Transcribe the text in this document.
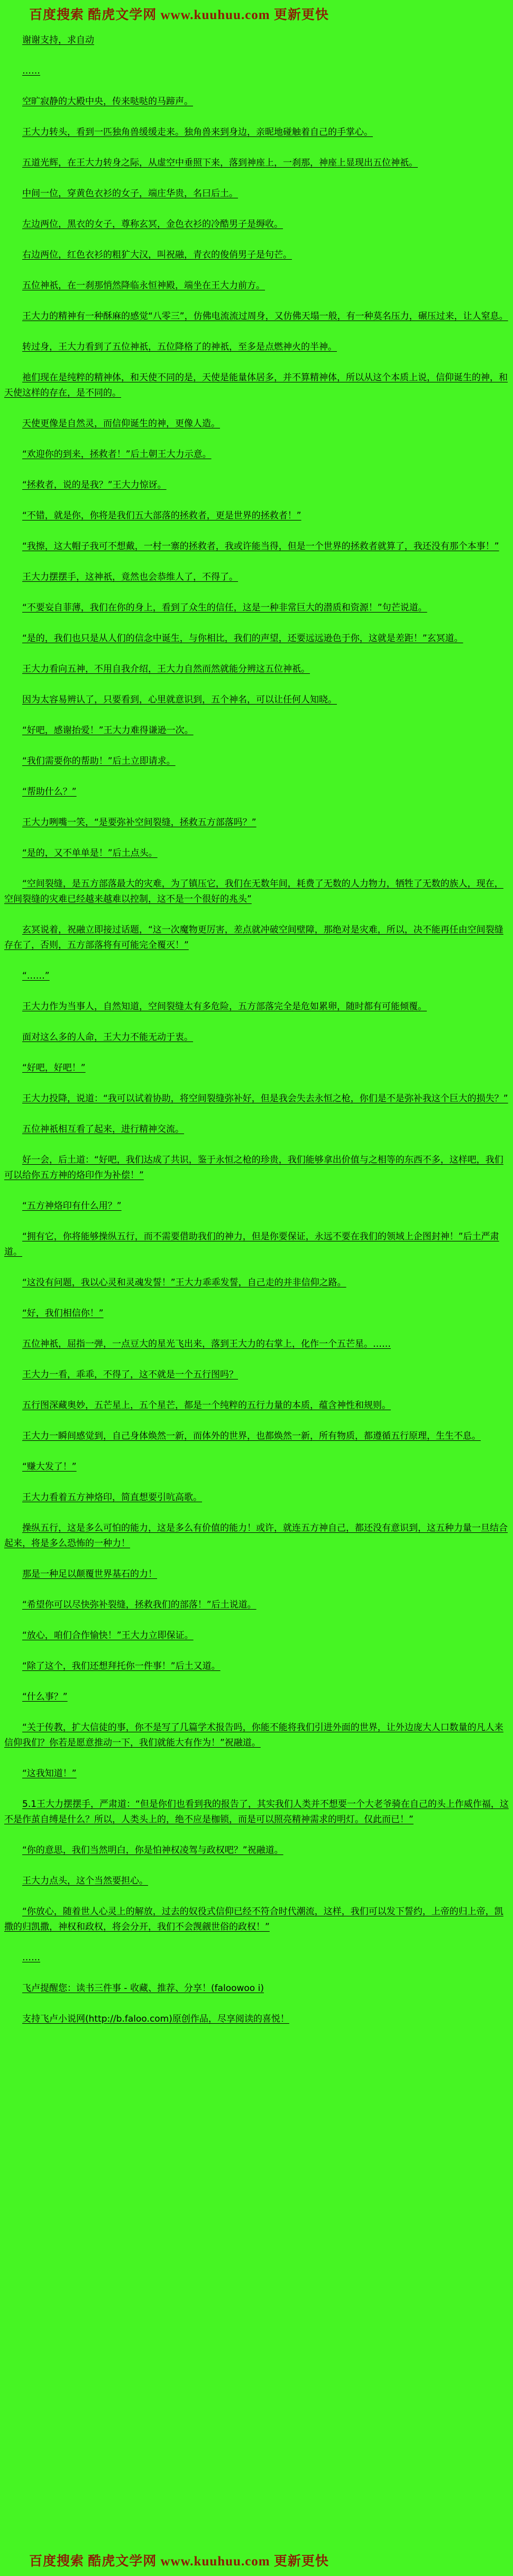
百度搜索 酷虎文学网 www.kuuhuu.com 更新更快

谢谢支持，求自动

……

空旷寂静的大殿中央，传来哒哒的马蹄声。

王大力转头，看到一匹独角兽缓缓走来。独角兽来到身边，亲昵地碰触着自己的手掌心。

五道光辉，在王大力转身之际，从虚空中垂照下来，落到神座上，一刹那，神座上显现出五位神祇。

中间一位，穿黄色衣衫的女子，端庄华贵，名曰后土。

左边两位，黑衣的女子，尊称玄冥，金色衣衫的冷酷男子是缛收。

右边两位，红色衣衫的粗犷大汉，叫祝融，青衣的俊俏男子是句芒。

五位神祇，在一刹那悄然降临永恒神殿，端坐在王大力前方。

王大力的精神有一种酥麻的感觉“八零三”，仿佛电流流过周身，又仿佛天塌一般，有一种莫名压力，碾压过来，让人窒息。

转过身，王大力看到了五位神祇，五位降格了的神祇，至多是点燃神火的半神。

祂们现在是纯粹的精神体，和天使不同的是，天使是能量体居多，并不算精神体，所以从这个本质上说，信仰诞生的神，和天使这样的存在，是不同的。

天使更像是自然灵，而信仰诞生的神，更像人造。

“欢迎你的到来，拯救者！”后土朝王大力示意。

“拯救者，说的是我？”王大力惊讶。

“不错，就是你，你将是我们五大部落的拯救者，更是世界的拯救者！”

“我擦，这大帽子我可不想戴，一村一寨的拯救者，我或许能当得，但是一个世界的拯救者就算了，我还没有那个本事！”

王大力摆摆手，这神祇，竟然也会恭维人了，不得了。

“不要妄自菲薄，我们在你的身上，看到了众生的信任，这是一种非常巨大的潜质和资源！”句芒说道。

“是的，我们也只是从人们的信念中诞生，与你相比，我们的声望，还要远远逊色于你，这就是差距！”玄冥道。

王大力看向五神，不用自我介绍，王大力自然而然就能分辨这五位神祇。

因为太容易辨认了，只要看到，心里就意识到，五个神名，可以让任何人知晓。

“好吧，感谢抬爱！”王大力难得谦逊一次。

“我们需要你的帮助！”后土立即请求。

“帮助什么？”

王大力咧嘴一笑，“是要弥补空间裂缝，拯救五方部落吗？”

“是的，又不单单是！”后土点头。

“空间裂缝，是五方部落最大的灾难，为了镇压它，我们在无数年间，耗费了无数的人力物力，牺牲了无数的族人，现在，空间裂缝的灾难已经越来越难以控制，这不是一个很好的兆头”

玄冥说着，祝融立即接过话题，“这一次魔物更厉害，差点就冲破空间壁障，那绝对是灾难，所以，决不能再任由空间裂缝存在了，否则，五方部落将有可能完全覆灭！”

“……”

王大力作为当事人，自然知道，空间裂缝太有多危险，五方部落完全是危如累卵，随时都有可能倾覆。

面对这么多的人命，王大力不能无动于衷。

“好吧，好吧！”

王大力投降，说道：“我可以试着协助，将空间裂缝弥补好，但是我会失去永恒之枪，你们是不是弥补我这个巨大的损失？”

五位神祇相互看了起来，进行精神交流。

好一会，后土道：“好吧，我们达成了共识，鉴于永恒之枪的珍贵，我们能够拿出价值与之相等的东西不多，这样吧，我们可以给你五方神的烙印作为补偿！”

“五方神烙印有什么用？”

“拥有它，你将能够操纵五行，而不需要借助我们的神力，但是你要保证，永远不要在我们的领域上企图封神！”后土严肃道。

“这没有问题，我以心灵和灵魂发誓！”王大力乖乖发誓，自己走的并非信仰之路。

“好，我们相信你！”

五位神祇，屈指一弹，一点豆大的星光飞出来，落到王大力的右掌上，化作一个五芒星。……

王大力一看，乖乖，不得了，这不就是一个五行图吗？

五行图深藏奥妙，五芒星上，五个星芒，都是一个纯粹的五行力量的本质，蕴含神性和规则。

王大力一瞬间感觉到，自己身体焕然一新，而体外的世界，也都焕然一新，所有物质，都遵循五行原理，生生不息。

“赚大发了！”

王大力看着五方神烙印，简直想要引吭高歌。

操纵五行，这是多么可怕的能力，这是多么有价值的能力！或许，就连五方神自己，都还没有意识到，这五种力量一旦结合起来，将是多么恐怖的一种力！

那是一种足以颠覆世界基石的力！

“希望你可以尽快弥补裂缝，拯救我们的部落！”后土说道。

“放心，咱们合作愉快！”王大力立即保证。

“除了这个，我们还想拜托你一件事！”后土又道。

“什么事？”

“关于传教，扩大信徒的事，你不是写了几篇学术报告吗，你能不能将我们引进外面的世界，让外边庞大人口数量的凡人来信仰我们？你若是愿意推动一下，我们就能大有作为！”祝融道。

“这我知道！”

5.1王大力摆摆手，严肃道：“但是你们也看到我的报告了，其实我们人类并不想要一个大老爷骑在自己的头上作威作福，这不是作茧自缚是什么？所以，人类头上的，绝不应是枷锁，而是可以照亮精神需求的明灯。仅此而已！”

“你的意思，我们当然明白，你是怕神权凌驾与政权吧？”祝融道。

王大力点头，这个当然要担心。

“你放心，随着世人心灵上的解放，过去的奴役式信仰已经不符合时代潮流，这样，我们可以发下誓约，上帝的归上帝，凯撒的归凯撒，神权和政权，将会分开，我们不会觊觎世俗的政权！”

……

飞卢提醒您：读书三件事 - 收藏、推荐、分享！(faloowoo i)

支持飞卢小说网(http://b.faloo.com)原创作品，尽享阅读的喜悦！

百度搜索 酷虎文学网 www.kuuhuu.com 更新更快
